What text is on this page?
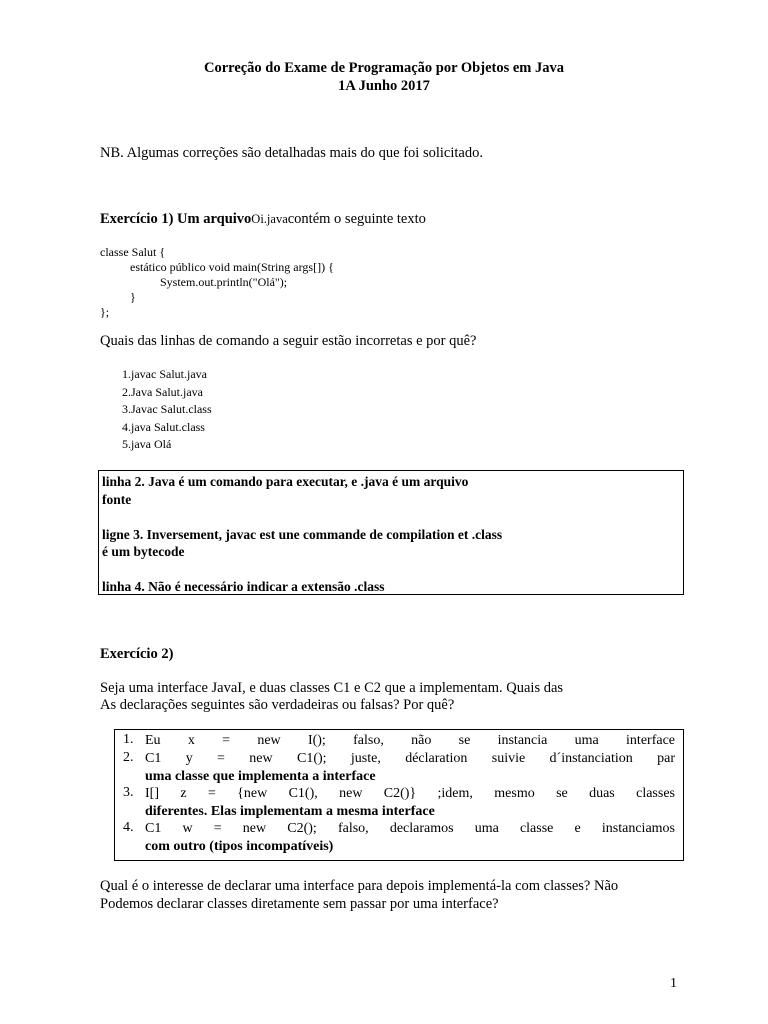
Correção do Exame de Programação por Objetos em Java
1A Junho 2017
NB. Algumas correções são detalhadas mais do que foi solicitado.
Exercício 1) Um arquivoOi.javacontém o seguinte texto
classe Salut {
estático público void main(String args[]) {
System.out.println("Olá");
}
};
Quais das linhas de comando a seguir estão incorretas e por quê?
1.javac Salut.java
2.Java Salut.java
3.Javac Salut.class
4.java Salut.class
5.java Olá
linha 2. Java é um comando para executar, e .java é um arquivo
fonte
ligne 3. Inversement, javac est une commande de compilation et .class
é um bytecode
linha 4. Não é necessário indicar a extensão .class
Exercício 2)
Seja uma interface JavaI, e duas classes C1 e C2 que a implementam. Quais das
As declarações seguintes são verdadeiras ou falsas? Por quê?
1. Eu x = new I(); falso, não se instancia uma interface
2. C1 y = new C1(); juste, déclaration suivie d´instanciation par
uma classe que implementa a interface
3. I[] z = {new C1(), new C2()} ;idem, mesmo se duas classes
diferentes. Elas implementam a mesma interface
4. C1 w = new C2(); falso, declaramos uma classe e instanciamos
com outro (tipos incompatíveis)
Qual é o interesse de declarar uma interface para depois implementá-la com classes? Não
Podemos declarar classes diretamente sem passar por uma interface?
1
